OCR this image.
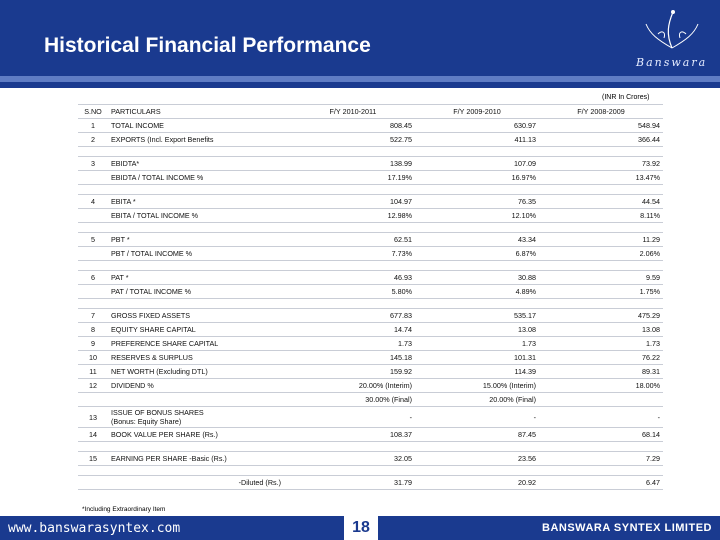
Historical Financial Performance
Banswara
(INR In Crores)
S.NO	PARTICULARS	F/Y 2010-2011	F/Y 2009-2010	F/Y 2008-2009
1	TOTAL INCOME	808.45	630.97	548.94
2	EXPORTS (Incl. Export Benefits	522.75	411.13	366.44

3	EBIDTA*	138.99	107.09	73.92
	EBIDTA / TOTAL INCOME %	17.19%	16.97%	13.47%

4	EBITA *	104.97	76.35	44.54
	EBITA / TOTAL INCOME %	12.98%	12.10%	8.11%

5	PBT *	62.51	43.34	11.29
	PBT / TOTAL INCOME %	7.73%	6.87%	2.06%

6	PAT *	46.93	30.88	9.59
	PAT / TOTAL INCOME %	5.80%	4.89%	1.75%

7	GROSS FIXED ASSETS	677.83	535.17	475.29
8	EQUITY SHARE CAPITAL	14.74	13.08	13.08
9	PREFERENCE SHARE CAPITAL	1.73	1.73	1.73
10	RESERVES & SURPLUS	145.18	101.31	76.22
11	NET WORTH (Excluding DTL)	159.92	114.39	89.31
12	DIVIDEND %	20.00% (Interim)	15.00% (Interim)	18.00%
		30.00% (Final)	20.00% (Final)	
13	ISSUE OF BONUS SHARES
(Bonus: Equity Share)	-	-	-
14	BOOK VALUE PER SHARE (Rs.)	108.37	87.45	68.14

15	EARNING PER SHARE -Basic (Rs.)	32.05	23.56	7.29

	-Diluted (Rs.)	31.79	20.92	6.47
*Including Extraordinary Item
www.banswarasyntex.com	18	BANSWARA SYNTEX LIMITED
